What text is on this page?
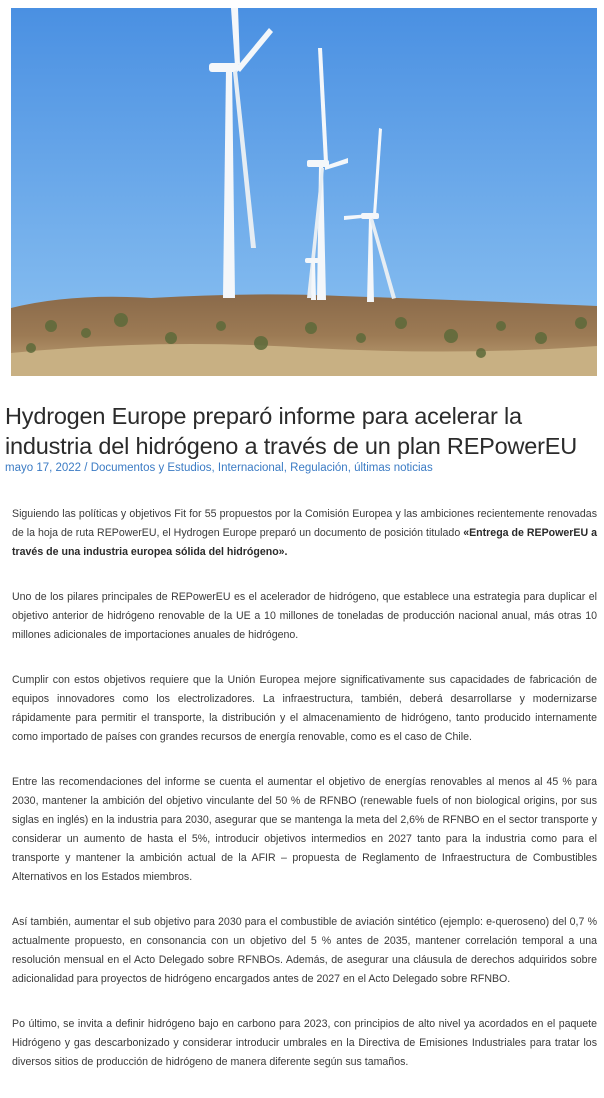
Hydrogen Europe preparó informe para acelerar la industria del hidrógeno a través de un plan REPowerEU
mayo 17, 2022 / Documentos y Estudios, Internacional, Regulación, últimas noticias

Siguiendo las políticas y objetivos Fit for 55 propuestos por la Comisión Europea y las ambiciones recientemente renovadas de la hoja de ruta REPowerEU, el Hydrogen Europe preparó un documento de posición titulado «Entrega de REPowerEU a través de una industria europea sólida del hidrógeno».

Uno de los pilares principales de REPowerEU es el acelerador de hidrógeno, que establece una estrategia para duplicar el objetivo anterior de hidrógeno renovable de la UE a 10 millones de toneladas de producción nacional anual, más otras 10 millones adicionales de importaciones anuales de hidrógeno.

Cumplir con estos objetivos requiere que la Unión Europea mejore significativamente sus capacidades de fabricación de equipos innovadores como los electrolizadores. La infraestructura, también, deberá desarrollarse y modernizarse rápidamente para permitir el transporte, la distribución y el almacenamiento de hidrógeno, tanto producido internamente como importado de países con grandes recursos de energía renovable, como es el caso de Chile.

Entre las recomendaciones del informe se cuenta el aumentar el objetivo de energías renovables al menos al 45 % para 2030, mantener la ambición del objetivo vinculante del 50 % de RFNBO (renewable fuels of non biological origins, por sus siglas en inglés) en la industria para 2030, asegurar que se mantenga la meta del 2,6% de RFNBO en el sector transporte y considerar un aumento de hasta el 5%, introducir objetivos intermedios en 2027 tanto para la industria como para el transporte y mantener la ambición actual de la AFIR – propuesta de Reglamento de Infraestructura de Combustibles Alternativos en los Estados miembros.

Así también, aumentar el sub objetivo para 2030 para el combustible de aviación sintético (ejemplo: e-queroseno) del 0,7 % actualmente propuesto, en consonancia con un objetivo del 5 % antes de 2035, mantener correlación temporal a una resolución mensual en el Acto Delegado sobre RFNBOs. Además, de asegurar una cláusula de derechos adquiridos sobre adicionalidad para proyectos de hidrógeno encargados antes de 2027 en el Acto Delegado sobre RFNBO.

Po último, se invita a definir hidrógeno bajo en carbono para 2023, con principios de alto nivel ya acordados en el paquete Hidrógeno y gas descarbonizado y considerar introducir umbrales en la Directiva de Emisiones Industriales para tratar los diversos sitios de producción de hidrógeno de manera diferente según sus tamaños.
